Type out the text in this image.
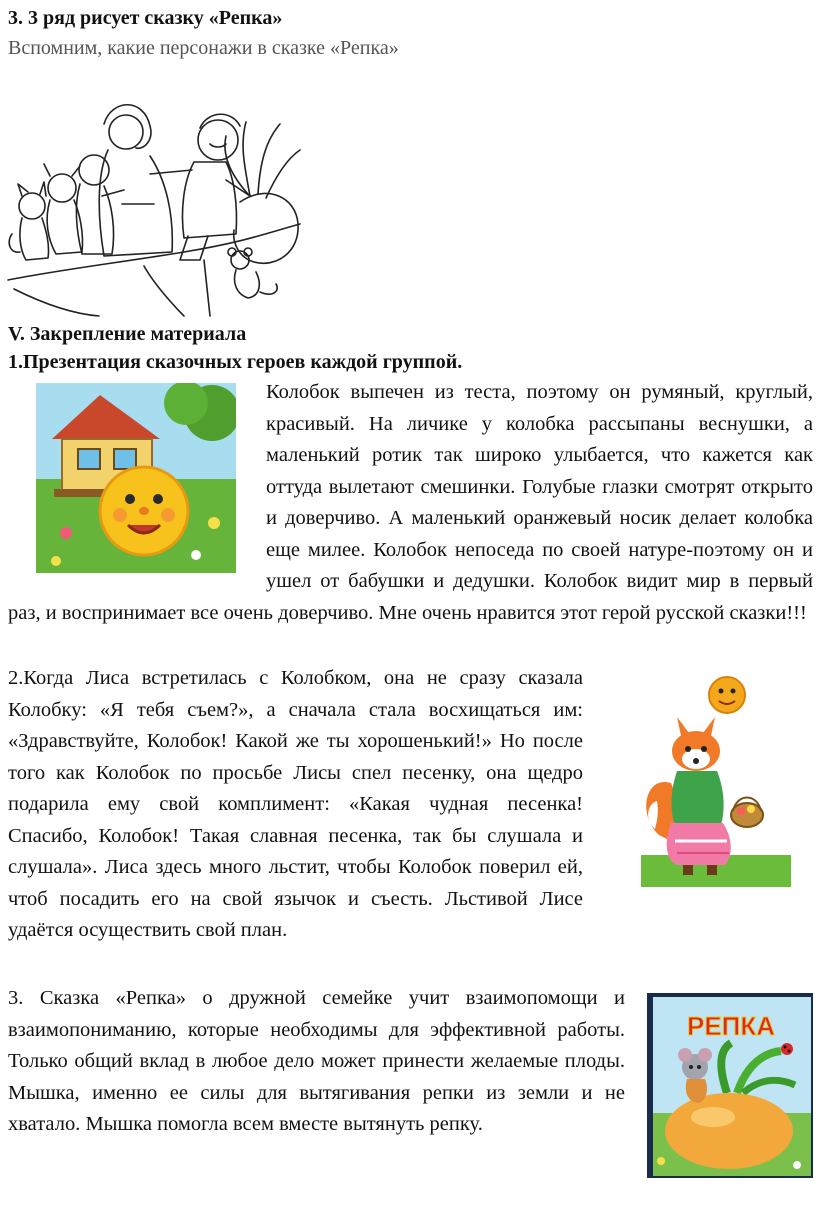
3. 3 ряд рисует сказку «Репка»
Вспомним, какие персонажи в сказке «Репка»
V. Закрепление материала
1.Презентация сказочных героев каждой группой.
Колобок выпечен из теста, поэтому он румяный, круглый, красивый. На личике у колобка рассыпаны веснушки, а маленький ротик так широко улыбается, что кажется как оттуда вылетают смешинки. Голубые глазки смотрят открыто и доверчиво. А маленький оранжевый носик делает колобка еще милее. Колобок непоседа по своей натуре-поэтому он и ушел от бабушки и дедушки. Колобок видит мир в первый раз, и воспринимает все очень доверчиво. Мне очень нравится этот герой русской сказки!!!
2.Когда Лиса встретилась с Колобком, она не сразу сказала Колобку: «Я тебя съем?», а сначала стала восхищаться им: «Здравствуйте, Колобок! Какой же ты хорошенький!» Но после того как Колобок по просьбе Лисы спел песенку, она щедро подарила ему свой комплимент: «Какая чудная песенка! Спасибо, Колобок! Такая славная песенка, так бы слушала и слушала». Лиса здесь много льстит, чтобы Колобок поверил ей, чтоб посадить его на свой язычок и съесть. Льстивой Лисе удаётся осуществить свой план.
РЕПКА
3. Сказка «Репка» о дружной семейке учит взаимопомощи и взаимопониманию, которые необходимы для эффективной работы. Только общий вклад в любое дело может принести желаемые плоды. Мышка, именно ее силы для вытягивания репки из земли и не хватало. Мышка помогла всем вместе вытянуть репку.
